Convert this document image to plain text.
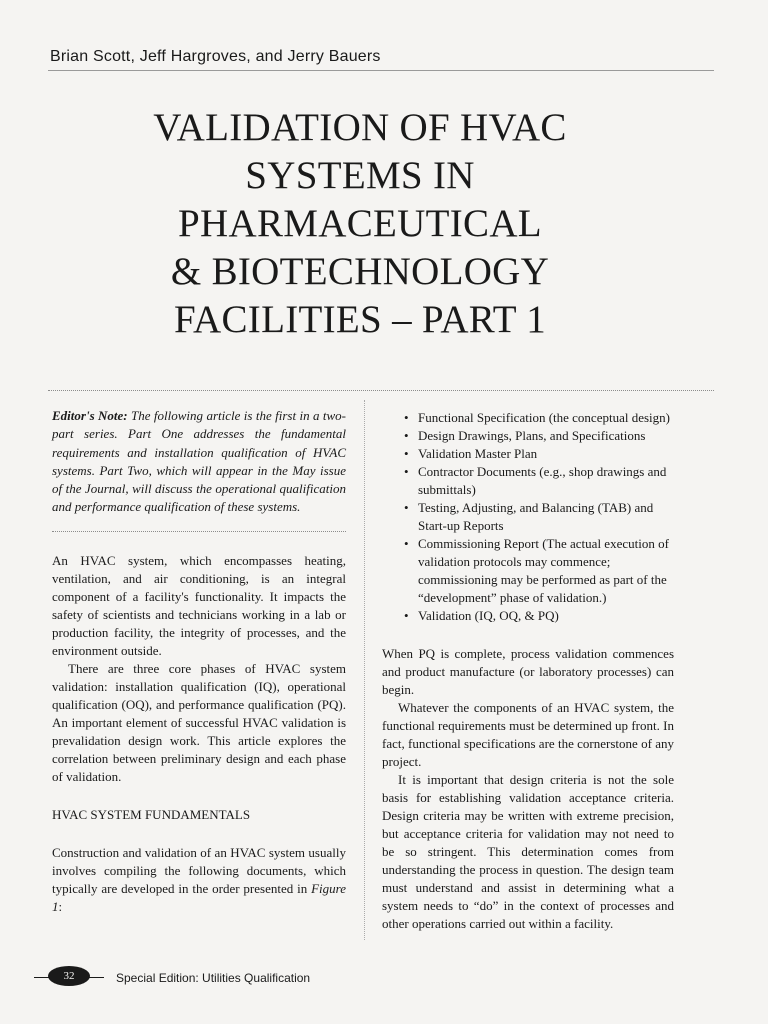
Brian Scott, Jeff Hargroves, and Jerry Bauers
VALIDATION OF HVAC
SYSTEMS IN
PHARMACEUTICAL
& BIOTECHNOLOGY
FACILITIES – PART 1
Editor's Note: The following article is the first in a two-part series. Part One addresses the fundamental requirements and installation qualification of HVAC systems. Part Two, which will appear in the May issue of the Journal, will discuss the operational qualification and performance qualification of these systems.

An HVAC system, which encompasses heating, ventilation, and air conditioning, is an integral component of a facility's functionality. It impacts the safety of scientists and technicians working in a lab or production facility, the integrity of processes, and the environment outside.

There are three core phases of HVAC system validation: installation qualification (IQ), operational qualification (OQ), and performance qualification (PQ). An important element of successful HVAC validation is prevalidation design work. This article explores the correlation between preliminary design and each phase of validation.

HVAC SYSTEM FUNDAMENTALS

Construction and validation of an HVAC system usually involves compiling the following documents, which typically are developed in the order presented in Figure 1:

• Functional Specification (the conceptual design)
• Design Drawings, Plans, and Specifications
• Validation Master Plan
• Contractor Documents (e.g., shop drawings and submittals)
• Testing, Adjusting, and Balancing (TAB) and Start-up Reports
• Commissioning Report (The actual execution of validation protocols may commence; commissioning may be performed as part of the “development” phase of validation.)
• Validation (IQ, OQ, & PQ)

When PQ is complete, process validation commences and product manufacture (or laboratory processes) can begin.

Whatever the components of an HVAC system, the functional requirements must be determined up front. In fact, functional specifications are the cornerstone of any project.

It is important that design criteria is not the sole basis for establishing validation acceptance criteria. Design criteria may be written with extreme precision, but acceptance criteria for validation may not need to be so stringent. This determination comes from understanding the process in question. The design team must understand and assist in determining what a system needs to “do” in the context of processes and other operations carried out within a facility.

32	Special Edition: Utilities Qualification
